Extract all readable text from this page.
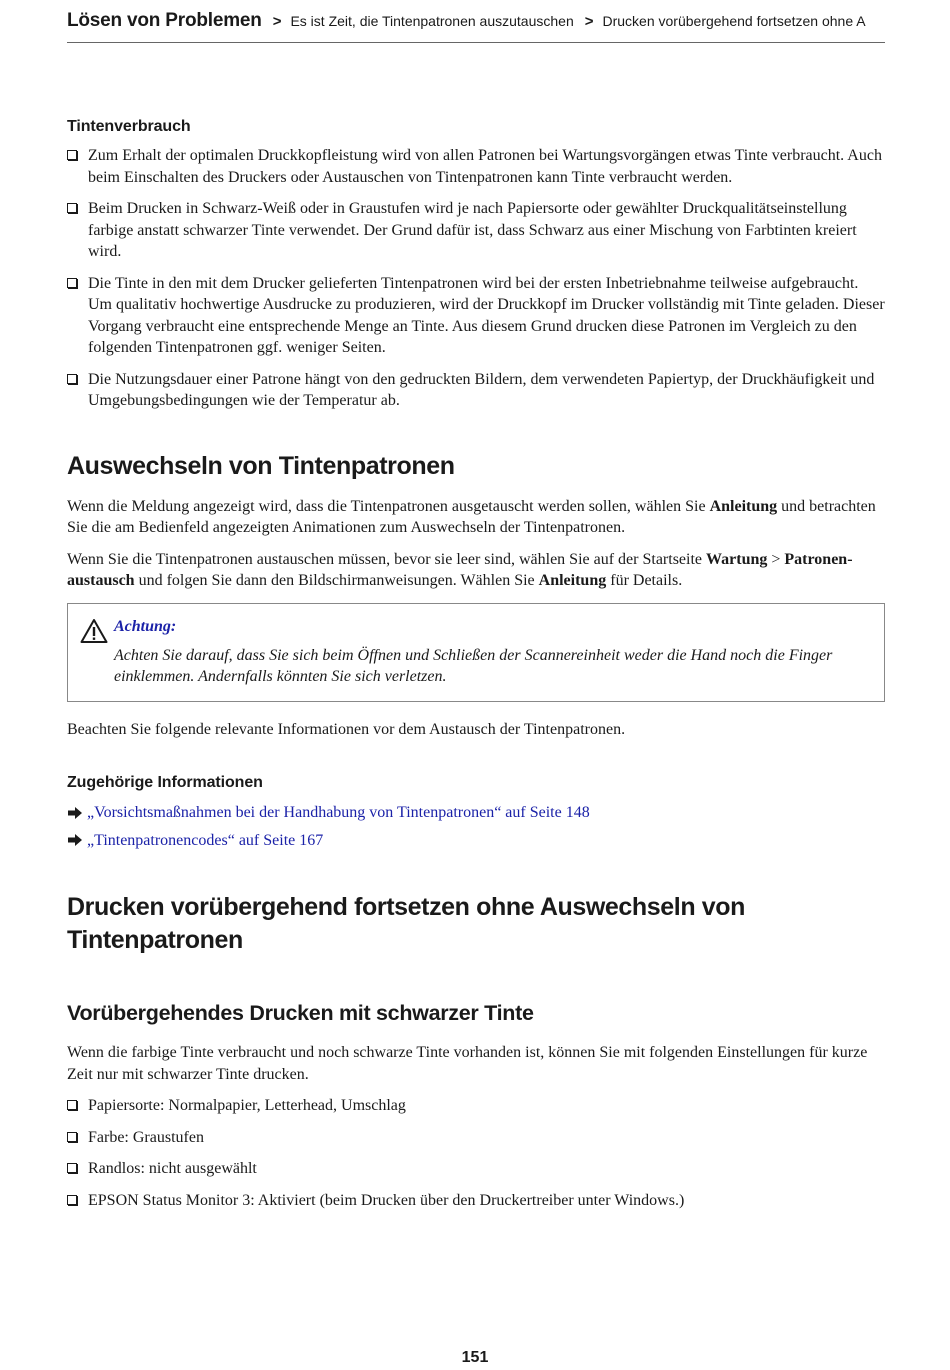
Lösen von Problemen > Es ist Zeit, die Tintenpatronen auszutauschen > Drucken vorübergehend fortsetzen ohne A
Tintenverbrauch
Zum Erhalt der optimalen Druckkopfleistung wird von allen Patronen bei Wartungsvorgängen etwas Tinte verbraucht. Auch beim Einschalten des Druckers oder Austauschen von Tintenpatronen kann Tinte verbraucht werden.
Beim Drucken in Schwarz-Weiß oder in Graustufen wird je nach Papiersorte oder gewählter Druckqualitätseinstellung farbige anstatt schwarzer Tinte verwendet. Der Grund dafür ist, dass Schwarz aus einer Mischung von Farbtinten kreiert wird.
Die Tinte in den mit dem Drucker gelieferten Tintenpatronen wird bei der ersten Inbetriebnahme teilweise aufgebraucht. Um qualitativ hochwertige Ausdrucke zu produzieren, wird der Druckkopf im Drucker vollständig mit Tinte geladen. Dieser Vorgang verbraucht eine entsprechende Menge an Tinte. Aus diesem Grund drucken diese Patronen im Vergleich zu den folgenden Tintenpatronen ggf. weniger Seiten.
Die Nutzungsdauer einer Patrone hängt von den gedruckten Bildern, dem verwendeten Papiertyp, der Druckhäufigkeit und Umgebungsbedingungen wie der Temperatur ab.
Auswechseln von Tintenpatronen

Wenn die Meldung angezeigt wird, dass die Tintenpatronen ausgetauscht werden sollen, wählen Sie Anleitung und betrachten Sie die am Bedienfeld angezeigten Animationen zum Auswechseln der Tintenpatronen.

Wenn Sie die Tintenpatronen austauschen müssen, bevor sie leer sind, wählen Sie auf der Startseite Wartung > Patronen- austausch und folgen Sie dann den Bildschirmanweisungen. Wählen Sie Anleitung für Details.

Achtung:
Achten Sie darauf, dass Sie sich beim Öffnen und Schließen der Scannereinheit weder die Hand noch die Finger einklemmen. Andernfalls könnten Sie sich verletzen.

Beachten Sie folgende relevante Informationen vor dem Austausch der Tintenpatronen.

Zugehörige Informationen
„Vorsichtsmaßnahmen bei der Handhabung von Tintenpatronen“ auf Seite 148
„Tintenpatronencodes“ auf Seite 167
Drucken vorübergehend fortsetzen ohne Auswechseln von
Tintenpatronen
Vorübergehendes Drucken mit schwarzer Tinte

Wenn die farbige Tinte verbraucht und noch schwarze Tinte vorhanden ist, können Sie mit folgenden Einstellungen für kurze Zeit nur mit schwarzer Tinte drucken.

Papiersorte: Normalpapier, Letterhead, Umschlag
Farbe: Graustufen
Randlos: nicht ausgewählt
EPSON Status Monitor 3: Aktiviert (beim Drucken über den Druckertreiber unter Windows.)
151
